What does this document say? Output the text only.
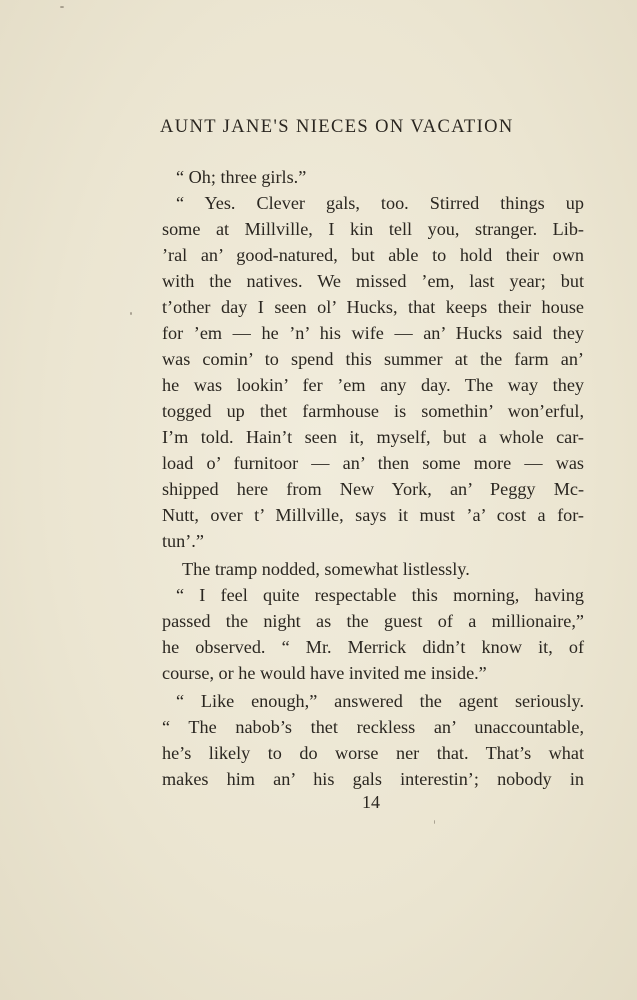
AUNT JANE'S NIECES ON VACATION
“ Oh; three girls.”
“ Yes. Clever gals, too. Stirred things up
some at Millville, I kin tell you, stranger. Lib-
’ral an’ good-natured, but able to hold their own
with the natives. We missed ’em, last year; but
t’other day I seen ol’ Hucks, that keeps their house
for ’em — he ’n’ his wife — an’ Hucks said they
was comin’ to spend this summer at the farm an’
he was lookin’ fer ’em any day. The way they
togged up thet farmhouse is somethin’ won’erful,
I’m told. Hain’t seen it, myself, but a whole car-
load o’ furnitoor — an’ then some more — was
shipped here from New York, an’ Peggy Mc-
Nutt, over t’ Millville, says it must ’a’ cost a for-
tun’.”
The tramp nodded, somewhat listlessly.
“ I feel quite respectable this morning, having
passed the night as the guest of a millionaire,”
he observed. “ Mr. Merrick didn’t know it, of
course, or he would have invited me inside.”
“ Like enough,” answered the agent seriously.
“ The nabob’s thet reckless an’ unaccountable,
he’s likely to do worse ner that. That’s what
makes him an’ his gals interestin’; nobody in
14
